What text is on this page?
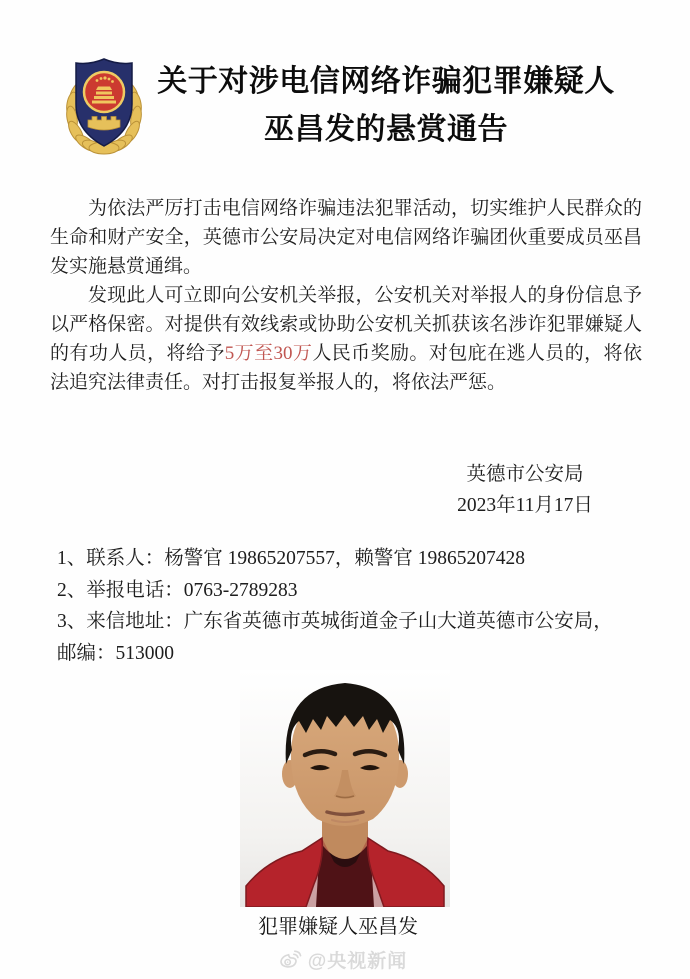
关于对涉电信网络诈骗犯罪嫌疑人
巫昌发的悬赏通告

为依法严厉打击电信网络诈骗违法犯罪活动，切实维护人民群众的生命和财产安全，英德市公安局决定对电信网络诈骗团伙重要成员巫昌发实施悬赏通缉。

发现此人可立即向公安机关举报，公安机关对举报人的身份信息予以严格保密。对提供有效线索或协助公安机关抓获该名涉诈犯罪嫌疑人的有功人员，将给予5万至30万人民币奖励。对包庇在逃人员的，将依法追究法律责任。对打击报复举报人的，将依法严惩。

英德市公安局
2023年11月17日
1、联系人：杨警官 19865207557，赖警官 19865207428
2、举报电话：0763-2789283
3、来信地址：广东省英德市英城街道金子山大道英德市公安局，
邮编：513000
犯罪嫌疑人巫昌发
@央视新闻
